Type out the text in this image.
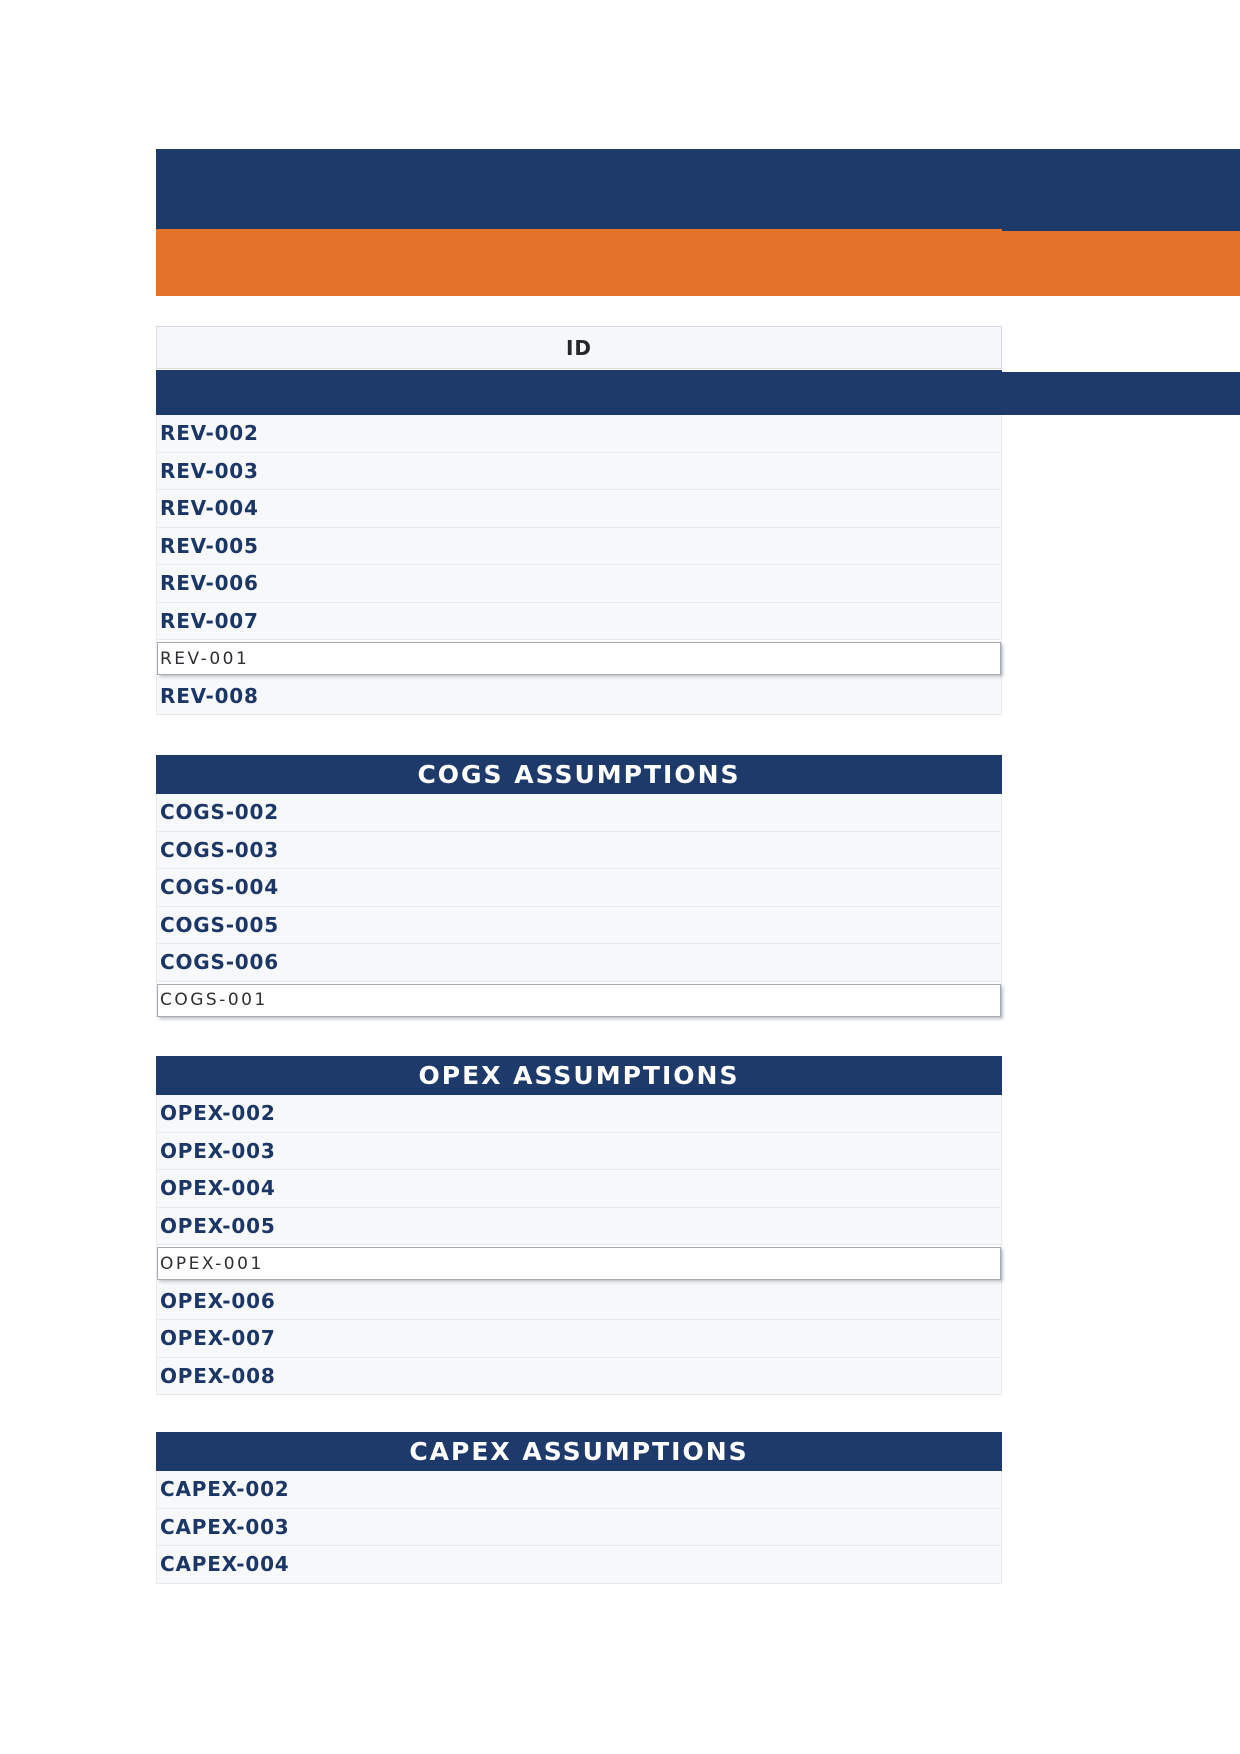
ID
REV-002
REV-003
REV-004
REV-005
REV-006
REV-007
REV-001
REV-008
COGS ASSUMPTIONS
COGS-002
COGS-003
COGS-004
COGS-005
COGS-006
COGS-001
OPEX ASSUMPTIONS
OPEX-002
OPEX-003
OPEX-004
OPEX-005
OPEX-001
OPEX-006
OPEX-007
OPEX-008
CAPEX ASSUMPTIONS
CAPEX-002
CAPEX-003
CAPEX-004
